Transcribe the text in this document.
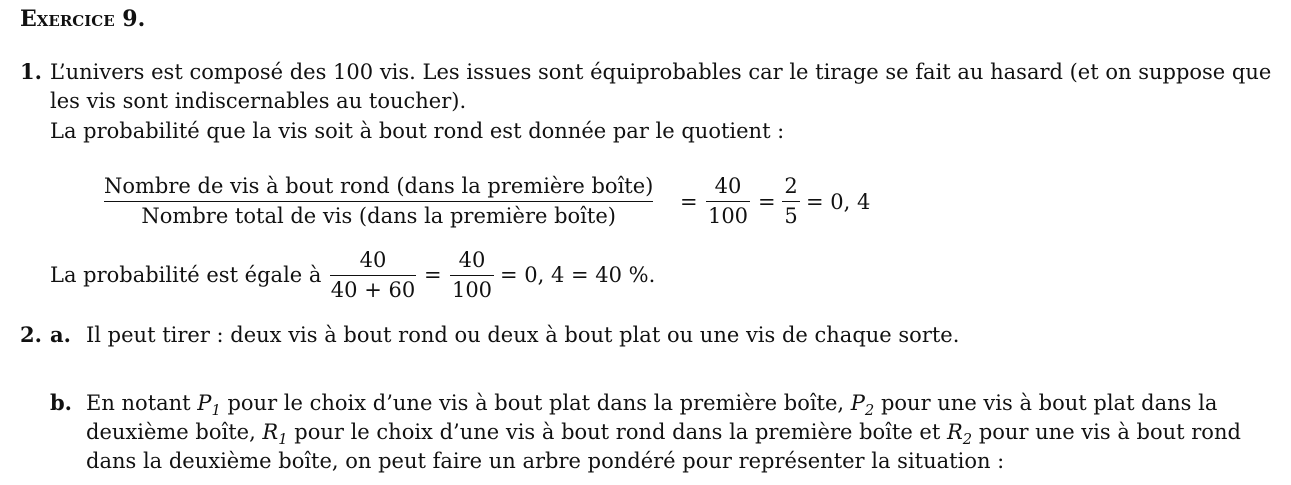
Exercice 9.
1. L’univers est composé des 100 vis. Les issues sont équiprobables car le tirage se fait au hasard (et on suppose que
les vis sont indiscernables au toucher).
La probabilité que la vis soit à bout rond est donnée par le quotient :
Nombre de vis à bout rond (dans la première boîte)
Nombre total de vis (dans la première boîte)
=
40
100
=
2
5
= 0, 4
La probabilité est égale à
40
40 + 60
=
40
100
= 0, 4 = 40 %.
2. a. Il peut tirer : deux vis à bout rond ou deux à bout plat ou une vis de chaque sorte.
b. En notant $P_1$ pour le choix d’une vis à bout plat dans la première boîte, $P_2$ pour une vis à bout plat dans la
deuxième boîte, $R_1$ pour le choix d’une vis à bout rond dans la première boîte et $R_2$ pour une vis à bout rond
dans la deuxième boîte, on peut faire un arbre pondéré pour représenter la situation :
